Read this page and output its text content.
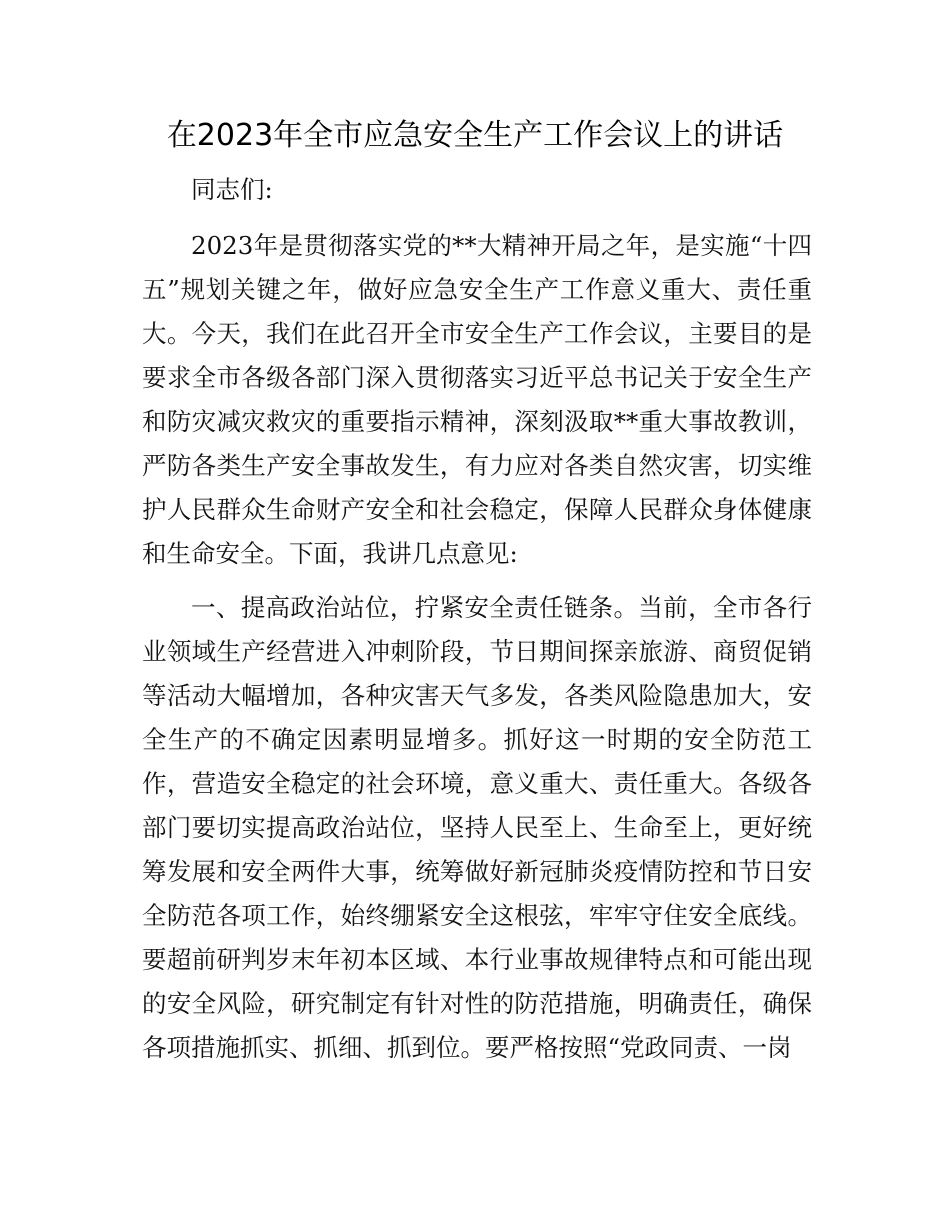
在2023年全市应急安全生产工作会议上的讲话

同志们:

2023年是贯彻落实党的**大精神开局之年，是实施“十四五”规划关键之年，做好应急安全生产工作意义重大、责任重大。今天，我们在此召开全市安全生产工作会议，主要目的是要求全市各级各部门深入贯彻落实习近平总书记关于安全生产和防灾减灾救灾的重要指示精神，深刻汲取**重大事故教训，严防各类生产安全事故发生，有力应对各类自然灾害，切实维护人民群众生命财产安全和社会稳定，保障人民群众身体健康和生命安全。下面，我讲几点意见:

一、提高政治站位，拧紧安全责任链条。当前，全市各行业领域生产经营进入冲刺阶段，节日期间探亲旅游、商贸促销等活动大幅增加，各种灾害天气多发，各类风险隐患加大，安全生产的不确定因素明显增多。抓好这一时期的安全防范工作，营造安全稳定的社会环境，意义重大、责任重大。各级各部门要切实提高政治站位，坚持人民至上、生命至上，更好统筹发展和安全两件大事，统筹做好新冠肺炎疫情防控和节日安全防范各项工作，始终绷紧安全这根弦，牢牢守住安全底线。要超前研判岁末年初本区域、本行业事故规律特点和可能出现的安全风险，研究制定有针对性的防范措施，明确责任，确保各项措施抓实、抓细、抓到位。要严格按照“党政同责、一岗
